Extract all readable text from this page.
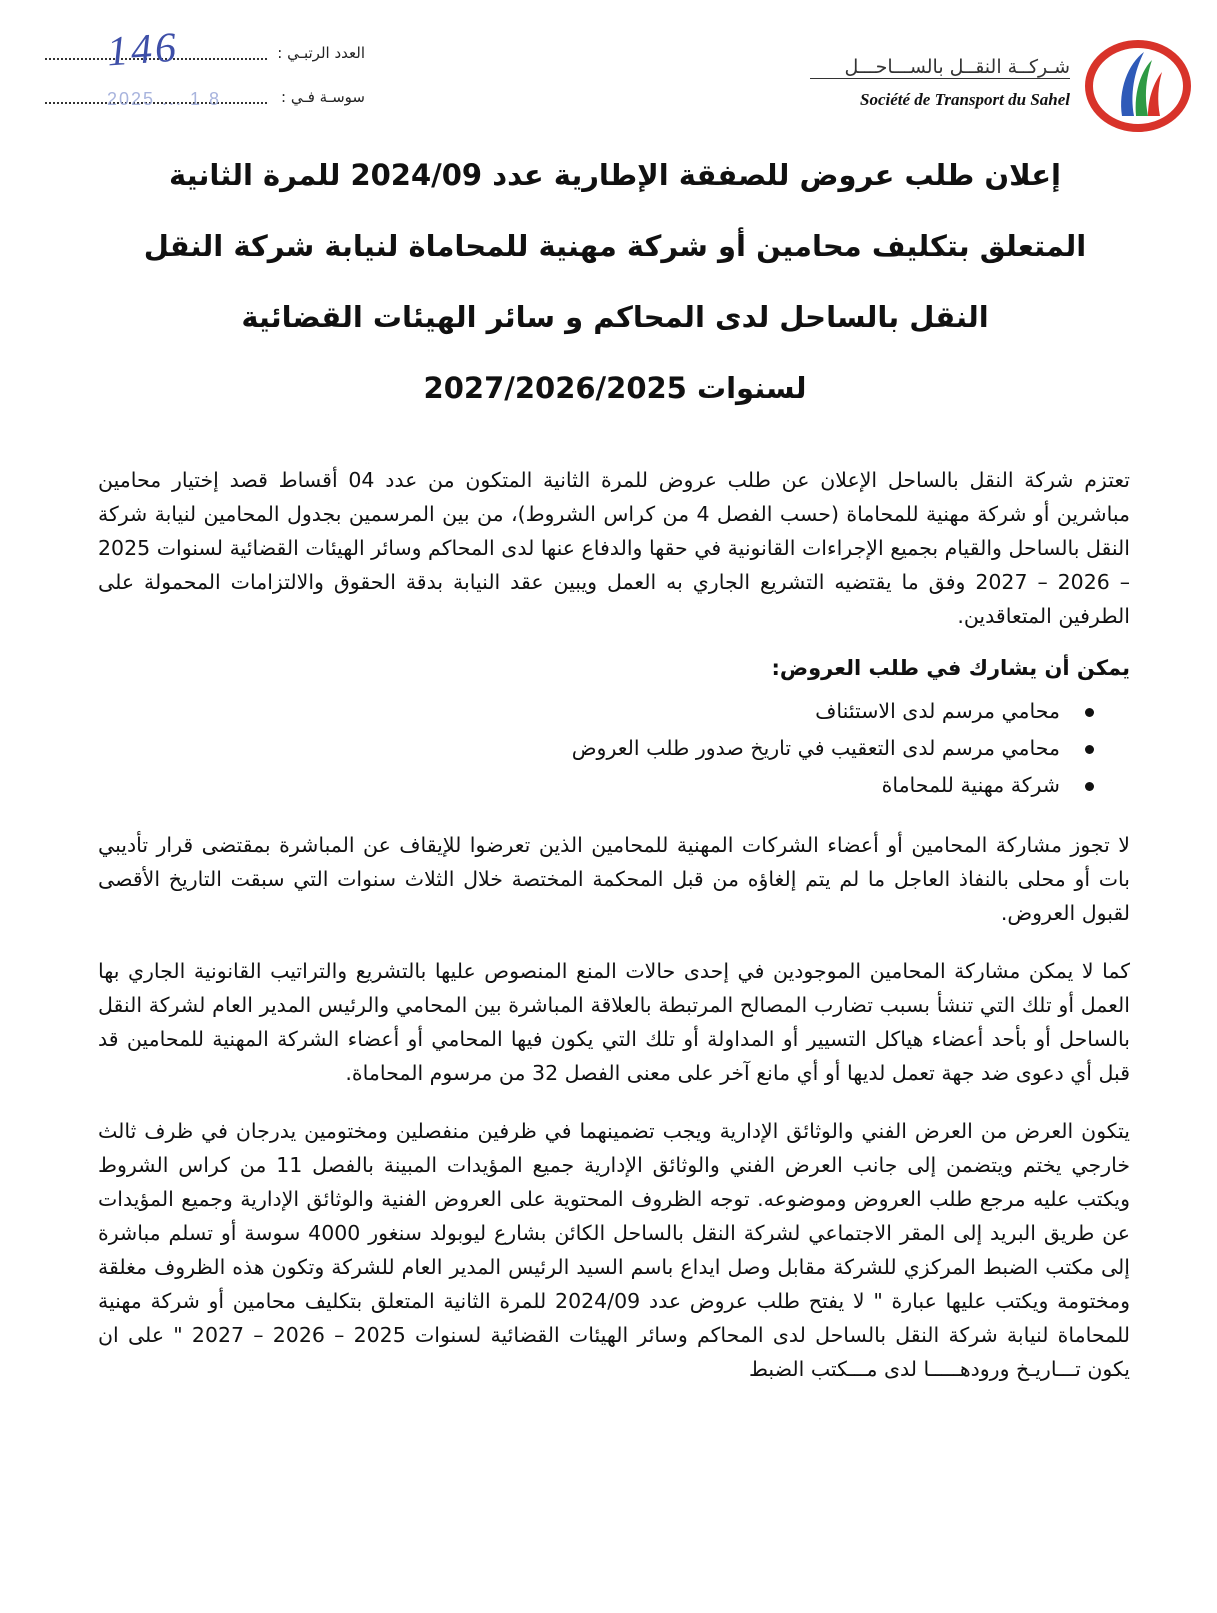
شـركــة النقــل بالســـاحـــل
Société de Transport du Sahel
العدد الرتبـي :
146
سوسـة فـي :
2025 ... 1 8
إعلان طلب عروض للصفقة الإطارية عدد 2024/09 للمرة الثانية
المتعلق بتكليف محامين أو شركة مهنية للمحاماة لنيابة شركة النقل
النقل بالساحل لدى المحاكم و سائر الهيئات القضائية
لسنوات 2027/2026/2025

تعتزم شركة النقل بالساحل الإعلان عن طلب عروض للمرة الثانية المتكون من عدد 04 أقساط قصد إختيار محامين مباشرين أو شركة مهنية للمحاماة (حسب الفصل 4 من كراس الشروط)، من بين المرسمين بجدول المحامين لنيابة شركة النقل بالساحل والقيام بجميع الإجراءات القانونية في حقها والدفاع عنها لدى المحاكم وسائر الهيئات القضائية لسنوات 2025 – 2026 – 2027 وفق ما يقتضيه التشريع الجاري به العمل ويبين عقد النيابة بدقة الحقوق والالتزامات المحمولة على الطرفين المتعاقدين.

يمكن أن يشارك في طلب العروض:

محامي مرسم لدى الاستئناف
محامي مرسم لدى التعقيب في تاريخ صدور طلب العروض
شركة مهنية للمحاماة

لا تجوز مشاركة المحامين أو أعضاء الشركات المهنية للمحامين الذين تعرضوا للإيقاف عن المباشرة بمقتضى قرار تأديبي بات أو محلى بالنفاذ العاجل ما لم يتم إلغاؤه من قبل المحكمة المختصة خلال الثلاث سنوات التي سبقت التاريخ الأقصى لقبول العروض.

كما لا يمكن مشاركة المحامين الموجودين في إحدى حالات المنع المنصوص عليها بالتشريع والتراتيب القانونية الجاري بها العمل أو تلك التي تنشأ بسبب تضارب المصالح المرتبطة بالعلاقة المباشرة بين المحامي والرئيس المدير العام لشركة النقل بالساحل أو بأحد أعضاء هياكل التسيير أو المداولة أو تلك التي يكون فيها المحامي أو أعضاء الشركة المهنية للمحامين قد قبل أي دعوى ضد جهة تعمل لديها أو أي مانع آخر على معنى الفصل 32 من مرسوم المحاماة.

يتكون العرض من العرض الفني والوثائق الإدارية ويجب تضمينهما في ظرفين منفصلين ومختومين يدرجان في ظرف ثالث خارجي يختم ويتضمن إلى جانب العرض الفني والوثائق الإدارية جميع المؤيدات المبينة بالفصل 11 من كراس الشروط ويكتب عليه مرجع طلب العروض وموضوعه. توجه الظروف المحتوية على العروض الفنية والوثائق الإدارية وجميع المؤيدات عن طريق البريد إلى المقر الاجتماعي لشركة النقل بالساحل الكائن بشارع ليوبولد سنغور 4000 سوسة أو تسلم مباشرة إلى مكتب الضبط المركزي للشركة مقابل وصل ايداع باسم السيد الرئيس المدير العام للشركة وتكون هذه الظروف مغلقة ومختومة ويكتب عليها عبارة " لا يفتح طلب عروض عدد 2024/09 للمرة الثانية المتعلق بتكليف محامين أو شركة مهنية للمحاماة لنيابة شركة النقل بالساحل لدى المحاكم وسائر الهيئات القضائية لسنوات 2025 – 2026 – 2027 " على ان يكون تـــاريـخ ورودهـــــا لدى مـــكتب الضبط
